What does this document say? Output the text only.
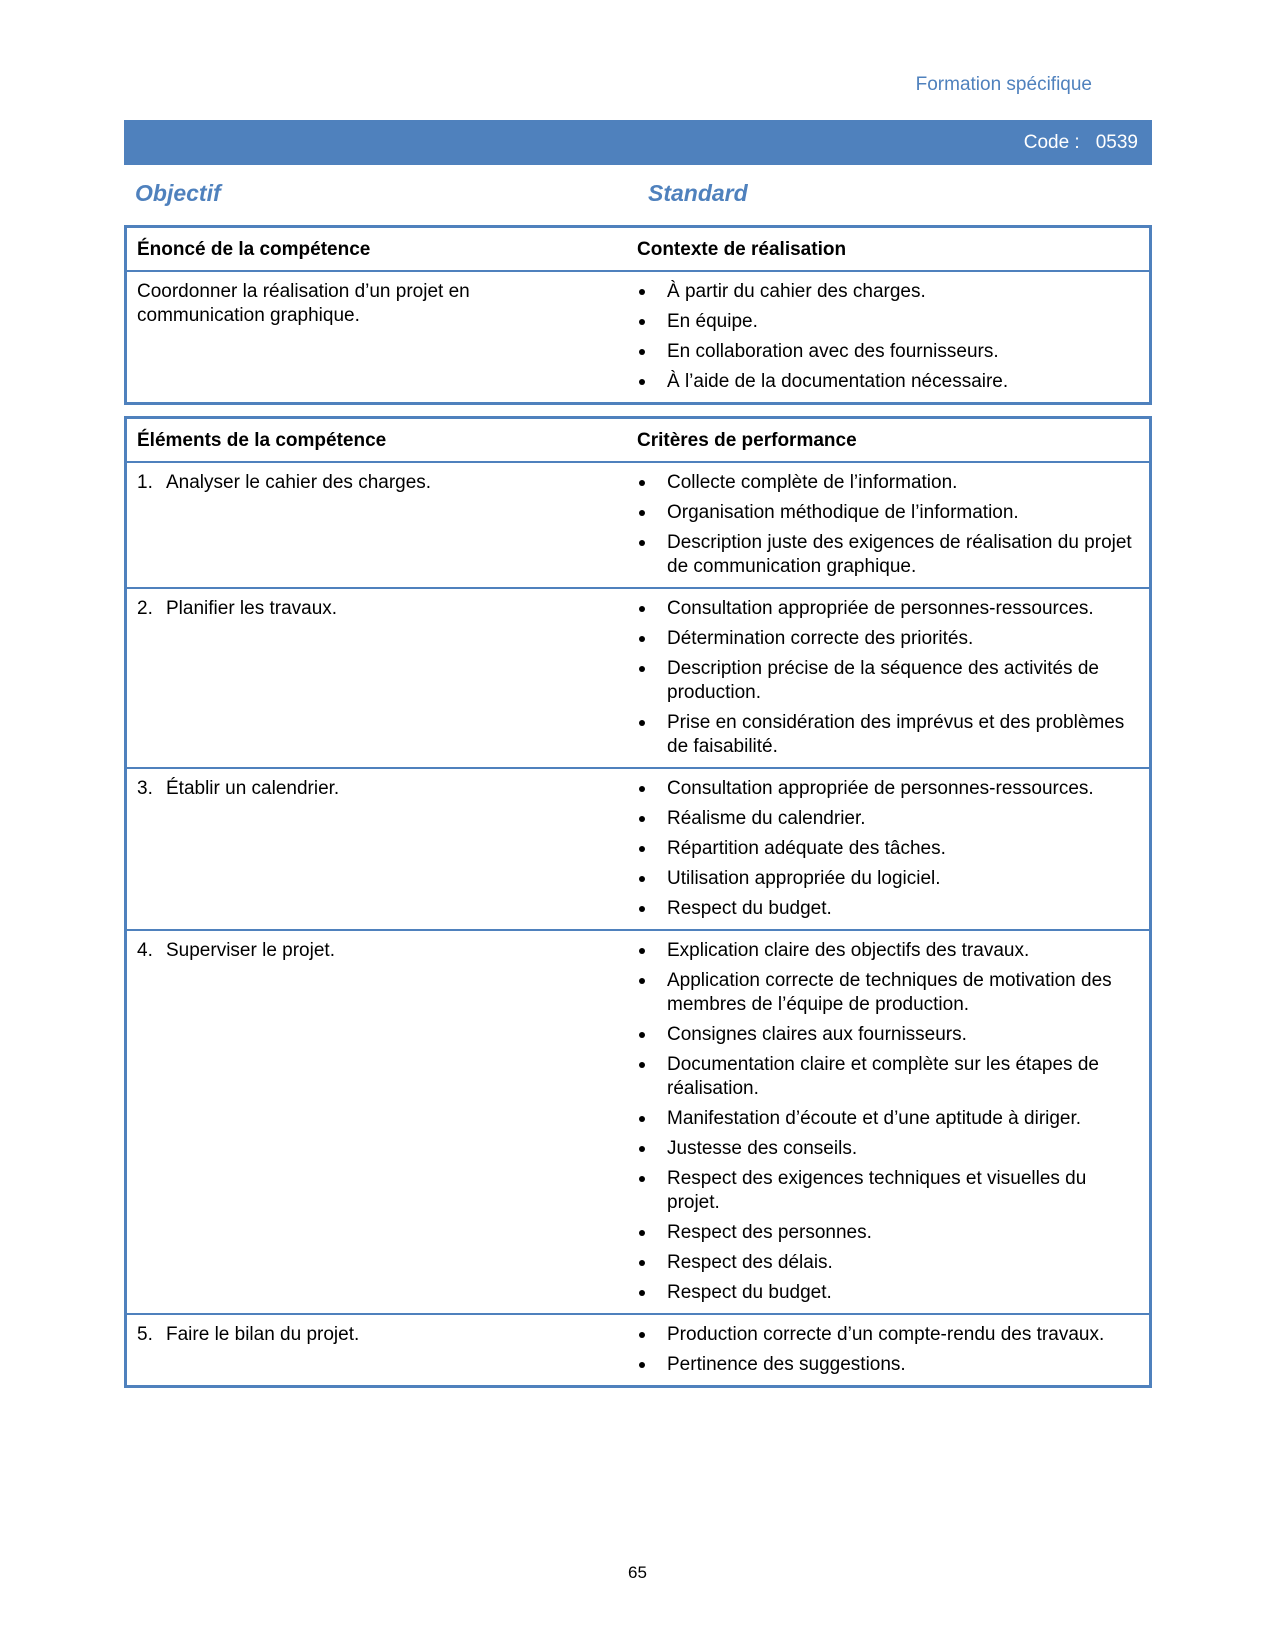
Formation spécifique
Code : 0539
Objectif	Standard
Énoncé de la compétence	Contexte de réalisation
Coordonner la réalisation d’un projet en communication graphique.
À partir du cahier des charges.
En équipe.
En collaboration avec des fournisseurs.
À l’aide de la documentation nécessaire.
Éléments de la compétence	Critères de performance
1. Analyser le cahier des charges.	Collecte complète de l’information.
Organisation méthodique de l’information.
Description juste des exigences de réalisation du projet de communication graphique.
2. Planifier les travaux.	Consultation appropriée de personnes-ressources.
Détermination correcte des priorités.
Description précise de la séquence des activités de production.
Prise en considération des imprévus et des problèmes de faisabilité.
3. Établir un calendrier.	Consultation appropriée de personnes-ressources.
Réalisme du calendrier.
Répartition adéquate des tâches.
Utilisation appropriée du logiciel.
Respect du budget.
4. Superviser le projet.	Explication claire des objectifs des travaux.
Application correcte de techniques de motivation des membres de l’équipe de production.
Consignes claires aux fournisseurs.
Documentation claire et complète sur les étapes de réalisation.
Manifestation d’écoute et d’une aptitude à diriger.
Justesse des conseils.
Respect des exigences techniques et visuelles du projet.
Respect des personnes.
Respect des délais.
Respect du budget.
5. Faire le bilan du projet.	Production correcte d’un compte-rendu des travaux.
Pertinence des suggestions.
65
